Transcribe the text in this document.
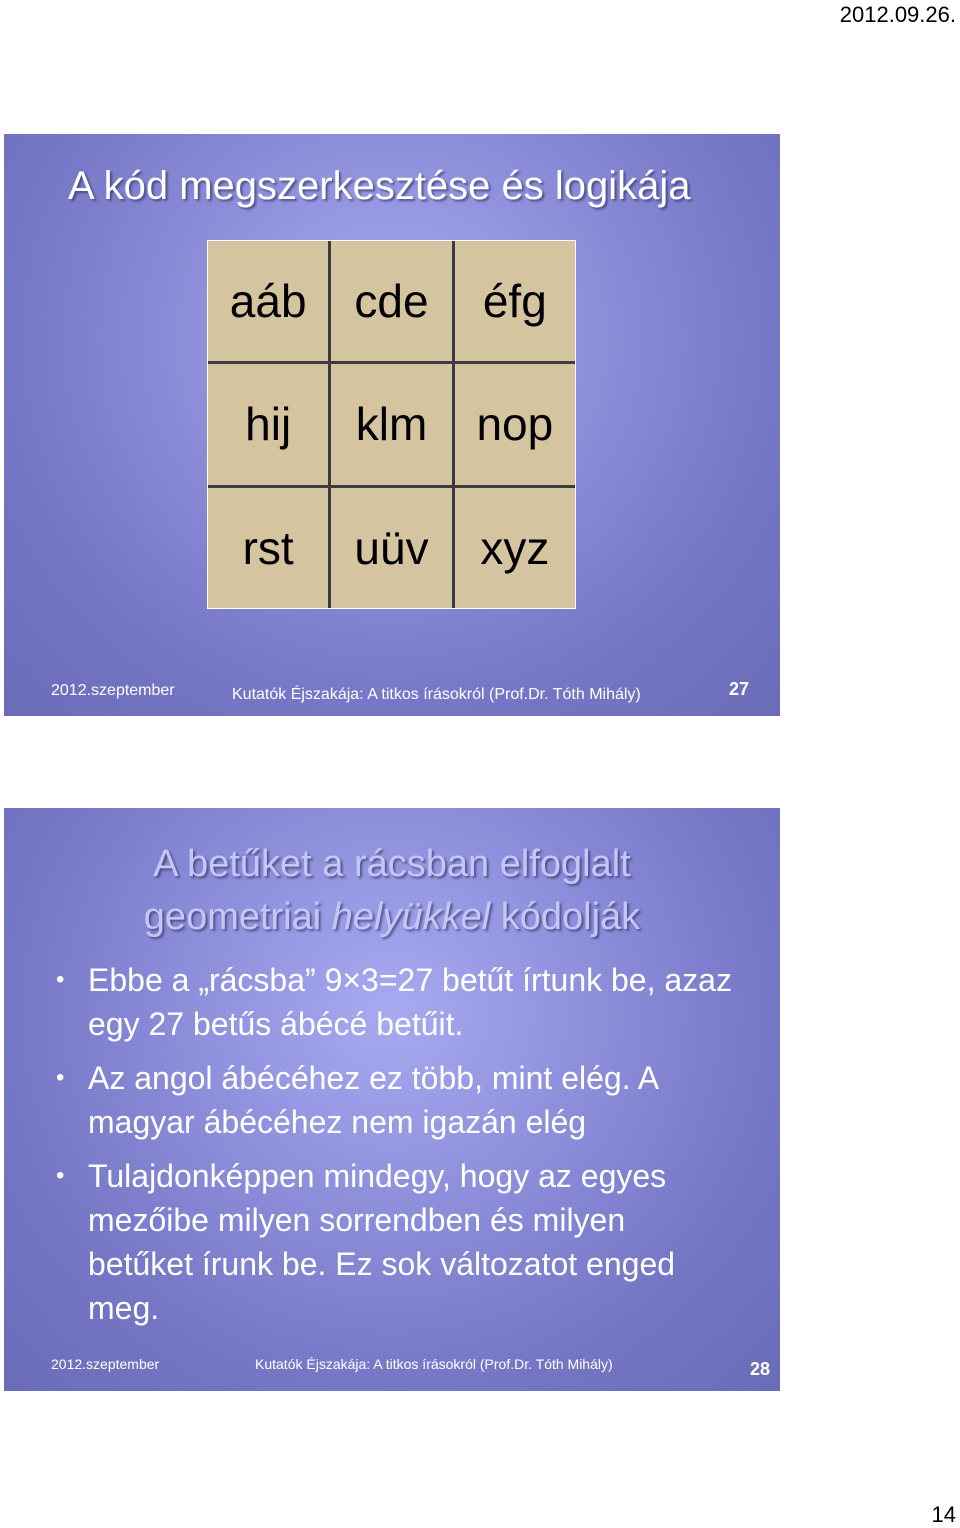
2012.09.26.
A kód megszerkesztése és logikája
aáb	cde	éfg
hij	klm	nop
rst	uüv	xyz
2012.szeptember	Kutatók Éjszakája: A titkos írásokról (Prof.Dr. Tóth Mihály)	27
A betűket a rácsban elfoglalt
geometriai helyükkel kódolják
• Ebbe a „rácsba” 9×3=27 betűt írtunk be, azaz egy 27 betűs ábécé betűit.
• Az angol ábécéhez ez több, mint elég. A magyar ábécéhez nem igazán elég
• Tulajdonképpen mindegy, hogy az egyes mezőibe milyen sorrendben és milyen betűket írunk be. Ez sok változatot enged meg.
2012.szeptember	Kutatók Éjszakája: A titkos írásokról (Prof.Dr. Tóth Mihály)	28
14
